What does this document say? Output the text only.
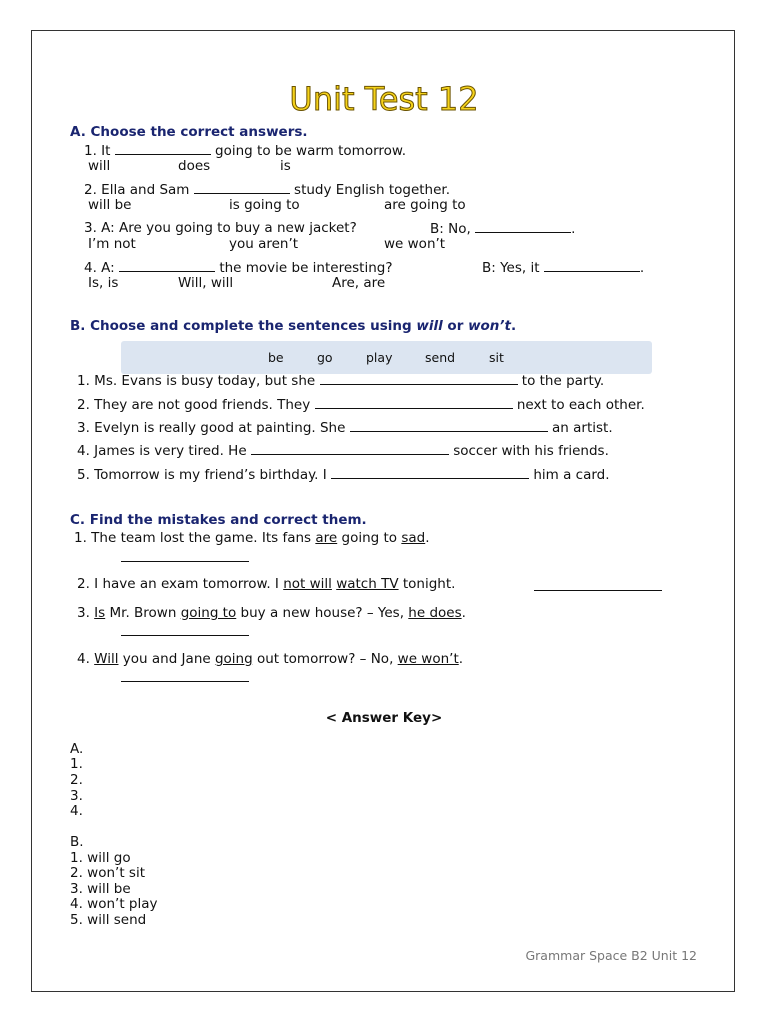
Unit Test 12
A. Choose the correct answers.
1. It	going to be warm tomorrow.
will	does	is
2. Ella and Sam	study English together.
will be	is going to	are going to
3. A: Are you going to buy a new jacket?	B: No,	.
I’m not	you aren’t	we won’t
4. A:	the movie be interesting?	B: Yes, it	.
Is, is	Will, will	Are, are
B. Choose and complete the sentences using will or won’t.
be	go	play	send	sit
1. Ms. Evans is busy today, but she	to the party.
2. They are not good friends. They	next to each other.
3. Evelyn is really good at painting. She	an artist.
4. James is very tired. He	soccer with his friends.
5. Tomorrow is my friend’s birthday. I	him a card.
C. Find the mistakes and correct them.
1. The team lost the game. Its fans are going to sad.
2. I have an exam tomorrow. I not will watch TV tonight.
3. Is Mr. Brown going to buy a new house? – Yes, he does.
4. Will you and Jane going out tomorrow? – No, we won’t.
< Answer Key>
A.
1.
2.
3.
4.
B.
1. will go
2. won’t sit
3. will be
4. won’t play
5. will send
Grammar Space B2 Unit 12
